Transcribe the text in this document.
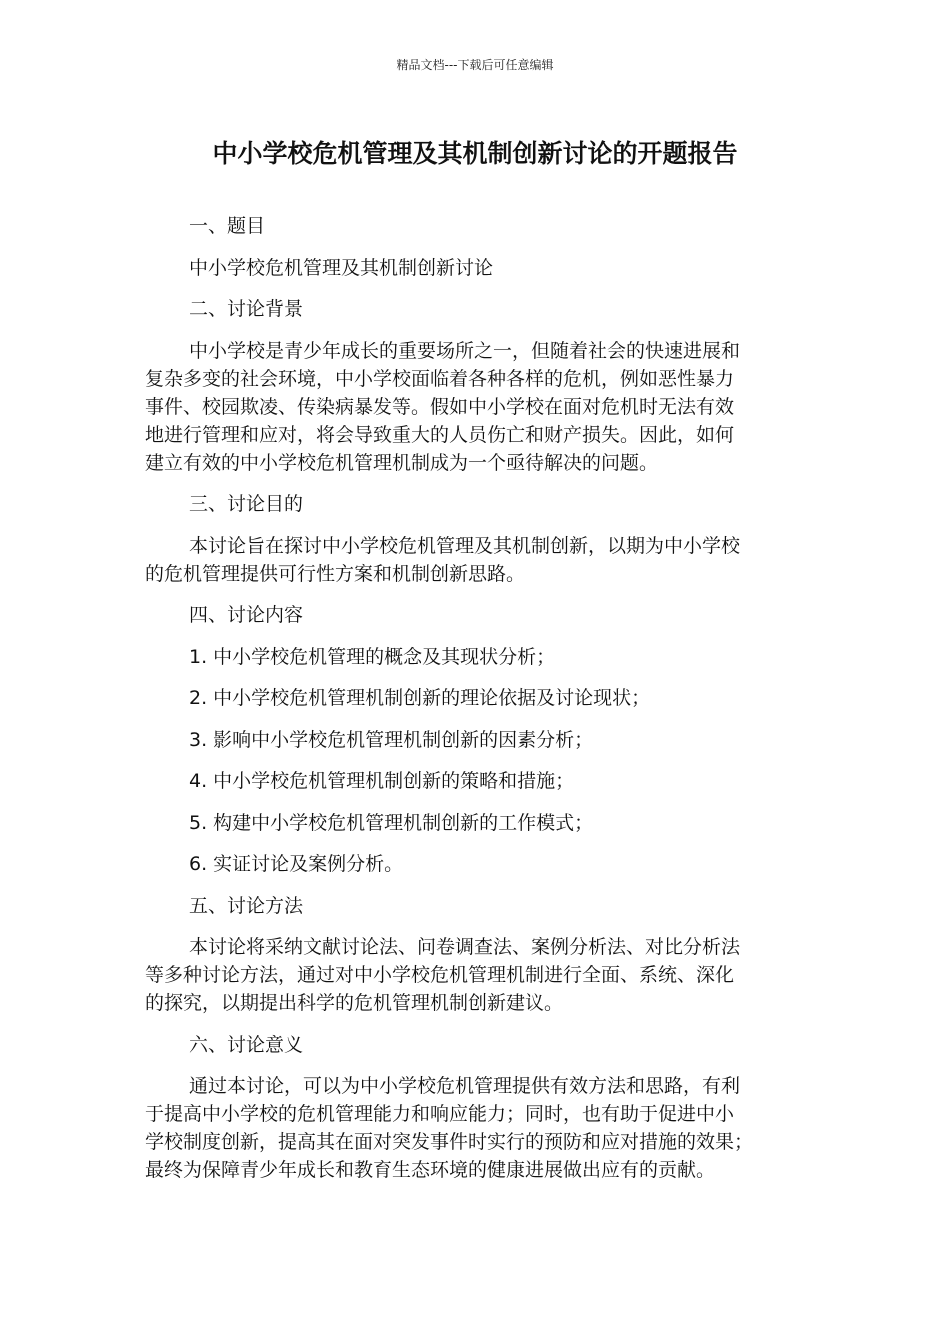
精品文档---下载后可任意编辑
中小学校危机管理及其机制创新讨论的开题报告
一、题目
中小学校危机管理及其机制创新讨论
二、讨论背景
中小学校是青少年成长的重要场所之一，但随着社会的快速进展和
复杂多变的社会环境，中小学校面临着各种各样的危机，例如恶性暴力
事件、校园欺凌、传染病暴发等。假如中小学校在面对危机时无法有效
地进行管理和应对，将会导致重大的人员伤亡和财产损失。因此，如何
建立有效的中小学校危机管理机制成为一个亟待解决的问题。
三、讨论目的
本讨论旨在探讨中小学校危机管理及其机制创新，以期为中小学校
的危机管理提供可行性方案和机制创新思路。
四、讨论内容
1. 中小学校危机管理的概念及其现状分析；
2. 中小学校危机管理机制创新的理论依据及讨论现状；
3. 影响中小学校危机管理机制创新的因素分析；
4. 中小学校危机管理机制创新的策略和措施；
5. 构建中小学校危机管理机制创新的工作模式；
6. 实证讨论及案例分析。
五、讨论方法
本讨论将采纳文献讨论法、问卷调查法、案例分析法、对比分析法
等多种讨论方法，通过对中小学校危机管理机制进行全面、系统、深化
的探究，以期提出科学的危机管理机制创新建议。
六、讨论意义
通过本讨论，可以为中小学校危机管理提供有效方法和思路，有利
于提高中小学校的危机管理能力和响应能力；同时，也有助于促进中小
学校制度创新，提高其在面对突发事件时实行的预防和应对措施的效果；
最终为保障青少年成长和教育生态环境的健康进展做出应有的贡献。
